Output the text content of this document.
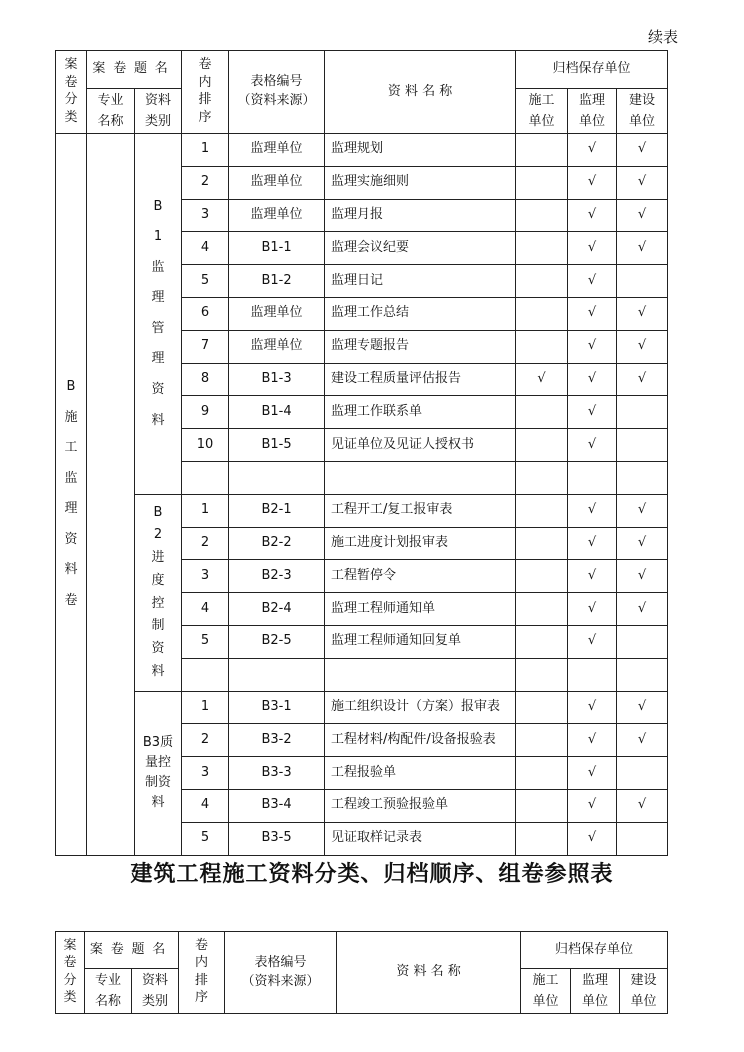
续表
案卷分类	案卷题名		卷内排序	表格编号
（资料来源）	资 料 名 称	归档保存单位		
	专业名称	资料类别				施工单位	监理单位	建设单位
B施工监理资料卷		B1监理管理资料	1	监理单位	监理规划		√	√
			2	监理单位	监理实施细则		√	√
			3	监理单位	监理月报		√	√
			4	B1-1	监理会议纪要		√	√
			5	B1-2	监理日记		√	
			6	监理单位	监理工作总结		√	√
			7	监理单位	监理专题报告		√	√
			8	B1-3	建设工程质量评估报告	√	√	√
			9	B1-4	监理工作联系单		√	
			10	B1-5	见证单位及见证人授权书		√	

		B2进度控制资料	1	B2-1	工程开工/复工报审表		√	√
			2	B2-2	施工进度计划报审表		√	√
			3	B2-3	工程暂停令		√	√
			4	B2-4	监理工程师通知单		√	√
			5	B2-5	监理工程师通知回复单		√	

		B3质量控制资料	1	B3-1	施工组织设计（方案）报审表		√	√
			2	B3-2	工程材料/构配件/设备报验表		√	√
			3	B3-3	工程报验单		√	
			4	B3-4	工程竣工预验报验单		√	√
			5	B3-5	见证取样记录表		√	
建筑工程施工资料分类、归档顺序、组卷参照表
案卷分类	案卷题名		卷内排序	表格编号
（资料来源）	资 料 名 称	归档保存单位		
	专业名称	资料类别				施工单位	监理单位	建设单位
